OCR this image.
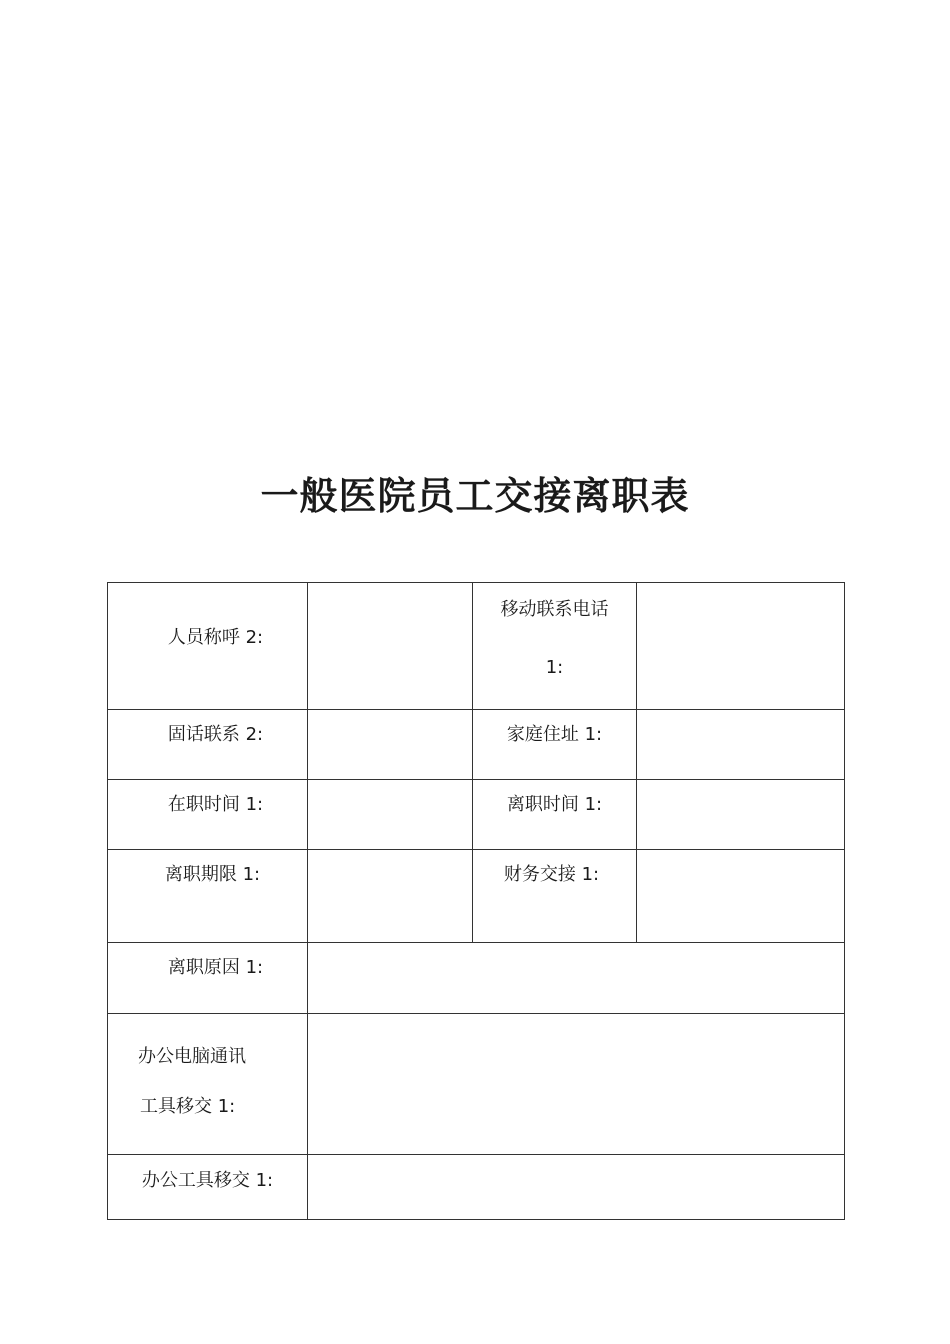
一般医院员工交接离职表
人员称呼 2:		移动联系电话
1:	

固话联系 2:		家庭住址 1:	

在职时间 1:		离职时间 1:	

离职期限 1:		财务交接 1:	

离职原因 1:			

办公电脑通讯
工具移交 1:			

办公工具移交 1:			
